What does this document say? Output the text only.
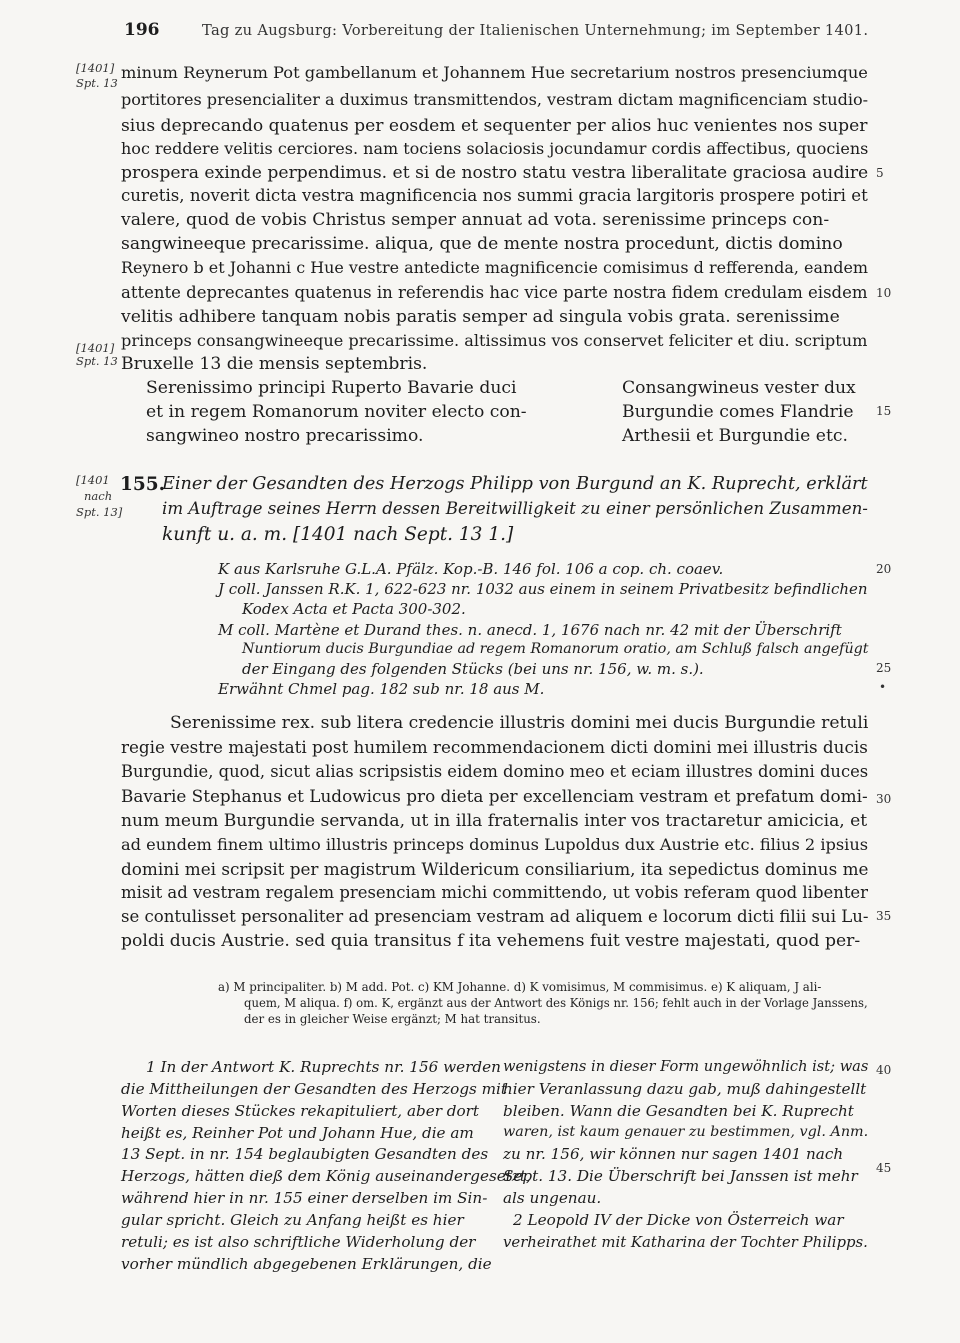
196	Tag zu Augsburg: Vorbereitung der Italienischen Unternehmung; im September 1401.
[1401]
Spt. 13
[1401]
Spt. 13
[1401
nach
Spt. 13]
5
10
15
20
25
•
30
35
40
45
minum Reynerum Pot gambellanum et Johannem Hue secretarium nostros presenciumque
portitores presencialiter a duximus transmittendos, vestram dictam magnificenciam studio-
sius deprecando quatenus per eosdem et sequenter per alios huc venientes nos super
hoc reddere velitis cerciores. nam tociens solaciosis jocundamur cordis affectibus, quociens
prospera exinde perpendimus. et si de nostro statu vestra liberalitate graciosa audire
curetis, noverit dicta vestra magnificencia nos summi gracia largitoris prospere potiri et
valere, quod de vobis Christus semper annuat ad vota. serenissime princeps con-
sangwineeque precarissime. aliqua, que de mente nostra procedunt, dictis domino
Reynero b et Johanni c Hue vestre antedicte magnificencie comisimus d refferenda, eandem
attente deprecantes quatenus in referendis hac vice parte nostra fidem credulam eisdem
velitis adhibere tanquam nobis paratis semper ad singula vobis grata. serenissime
princeps consangwineeque precarissime. altissimus vos conservet feliciter et diu. scriptum
Bruxelle 13 die mensis septembris.
Serenissimo principi Ruperto Bavarie duci
et in regem Romanorum noviter electo con-
sangwineo nostro precarissimo.
Consangwineus vester dux
Burgundie comes Flandrie
Arthesii et Burgundie etc.
155.
Einer der Gesandten des Herzogs Philipp von Burgund an K. Ruprecht, erklärt
im Auftrage seines Herrn dessen Bereitwilligkeit zu einer persönlichen Zusammen-
kunft u. a. m. [1401 nach Sept. 13 1.]
K aus Karlsruhe G.L.A. Pfälz. Kop.-B. 146 fol. 106 a cop. ch. coaev.
J coll. Janssen R.K. 1, 622-623 nr. 1032 aus einem in seinem Privatbesitz befindlichen
Kodex Acta et Pacta 300-302.
M coll. Martène et Durand thes. n. anecd. 1, 1676 nach nr. 42 mit der Überschrift
Nuntiorum ducis Burgundiae ad regem Romanorum oratio, am Schluß falsch angefügt
der Eingang des folgenden Stücks (bei uns nr. 156, w. m. s.).
Erwähnt Chmel pag. 182 sub nr. 18 aus M.
Serenissime rex. sub litera credencie illustris domini mei ducis Burgundie retuli
regie vestre majestati post humilem recommendacionem dicti domini mei illustris ducis
Burgundie, quod, sicut alias scripsistis eidem domino meo et eciam illustres domini duces
Bavarie Stephanus et Ludowicus pro dieta per excellenciam vestram et prefatum domi-
num meum Burgundie servanda, ut in illa fraternalis inter vos tractaretur amicicia, et
ad eundem finem ultimo illustris princeps dominus Lupoldus dux Austrie etc. filius 2 ipsius
domini mei scripsit per magistrum Wildericum consiliarium, ita sepedictus dominus me
misit ad vestram regalem presenciam michi committendo, ut vobis referam quod libenter
se contulisset personaliter ad presenciam vestram ad aliquem e locorum dicti filii sui Lu-
poldi ducis Austrie. sed quia transitus f ita vehemens fuit vestre majestati, quod per-
a) M principaliter. b) M add. Pot. c) KM Johanne. d) K vomisimus, M commisimus. e) K aliquam, J ali-
quem, M aliqua. f) om. K, ergänzt aus der Antwort des Königs nr. 156; fehlt auch in der Vorlage Janssens,
der es in gleicher Weise ergänzt; M hat transitus.
1 In der Antwort K. Ruprechts nr. 156 werden
die Mittheilungen der Gesandten des Herzogs mit
Worten dieses Stückes rekapituliert, aber dort
heißt es, Reinher Pot und Johann Hue, die am
13 Sept. in nr. 154 beglaubigten Gesandten des
Herzogs, hätten dieß dem König auseinandergesetzt,
während hier in nr. 155 einer derselben im Sin-
gular spricht. Gleich zu Anfang heißt es hier
retuli; es ist also schriftliche Widerholung der
vorher mündlich abgegebenen Erklärungen, die
wenigstens in dieser Form ungewöhnlich ist; was
hier Veranlassung dazu gab, muß dahingestellt
bleiben. Wann die Gesandten bei K. Ruprecht
waren, ist kaum genauer zu bestimmen, vgl. Anm.
zu nr. 156, wir können nur sagen 1401 nach
Sept. 13. Die Überschrift bei Janssen ist mehr
als ungenau.
2 Leopold IV der Dicke von Österreich war
verheirathet mit Katharina der Tochter Philipps.
